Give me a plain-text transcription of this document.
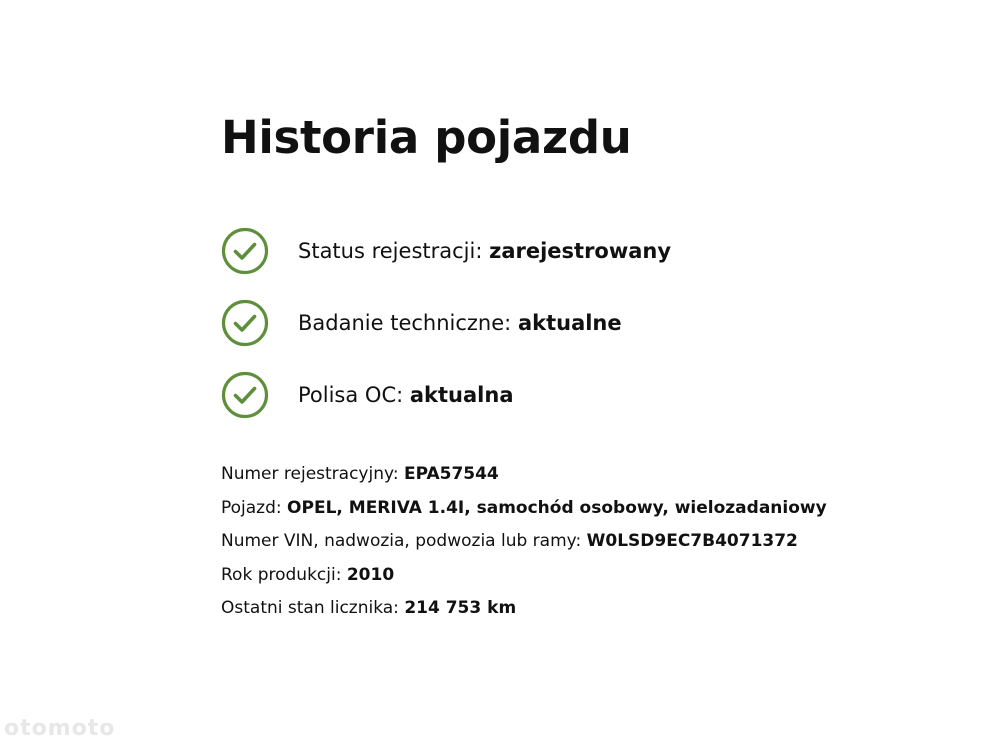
Historia pojazdu
Status rejestracji: zarejestrowany
Badanie techniczne: aktualne
Polisa OC: aktualna
Numer rejestracyjny: EPA57544
Pojazd: OPEL, MERIVA 1.4I, samochód osobowy, wielozadaniowy
Numer VIN, nadwozia, podwozia lub ramy: W0LSD9EC7B4071372
Rok produkcji: 2010
Ostatni stan licznika: 214 753 km
otomoto
